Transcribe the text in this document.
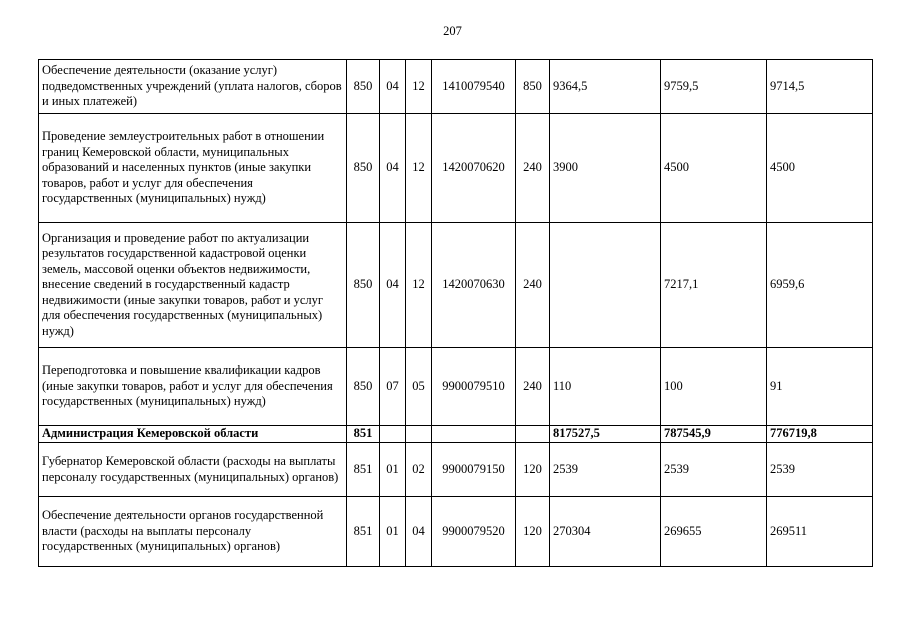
207
Обеспечение деятельности (оказание услуг) подведомственных учреждений (уплата налогов, сборов и иных платежей)	850	04	12	1410079540	850	9364,5	9759,5	9714,5
Проведение землеустроительных работ в отношении границ Кемеровской области, муниципальных образований и населенных пунктов (иные закупки товаров, работ и услуг для обеспечения государственных (муниципальных) нужд)	850	04	12	1420070620	240	3900	4500	4500
Организация и проведение работ по актуализации результатов государственной кадастровой оценки земель, массовой оценки объектов недвижимости, внесение сведений в государственный кадастр недвижимости (иные закупки товаров, работ и услуг для обеспечения государственных (муниципальных) нужд)	850	04	12	1420070630	240		7217,1	6959,6
Переподготовка и повышение квалификации кадров (иные закупки товаров, работ и услуг для обеспечения государственных (муниципальных) нужд)	850	07	05	9900079510	240	110	100	91
Администрация Кемеровской области	851					817527,5	787545,9	776719,8
Губернатор Кемеровской области (расходы на выплаты персоналу государственных (муниципальных) органов)	851	01	02	9900079150	120	2539	2539	2539
Обеспечение деятельности органов государственной власти (расходы на выплаты персоналу государственных (муниципальных) органов)	851	01	04	9900079520	120	270304	269655	269511
